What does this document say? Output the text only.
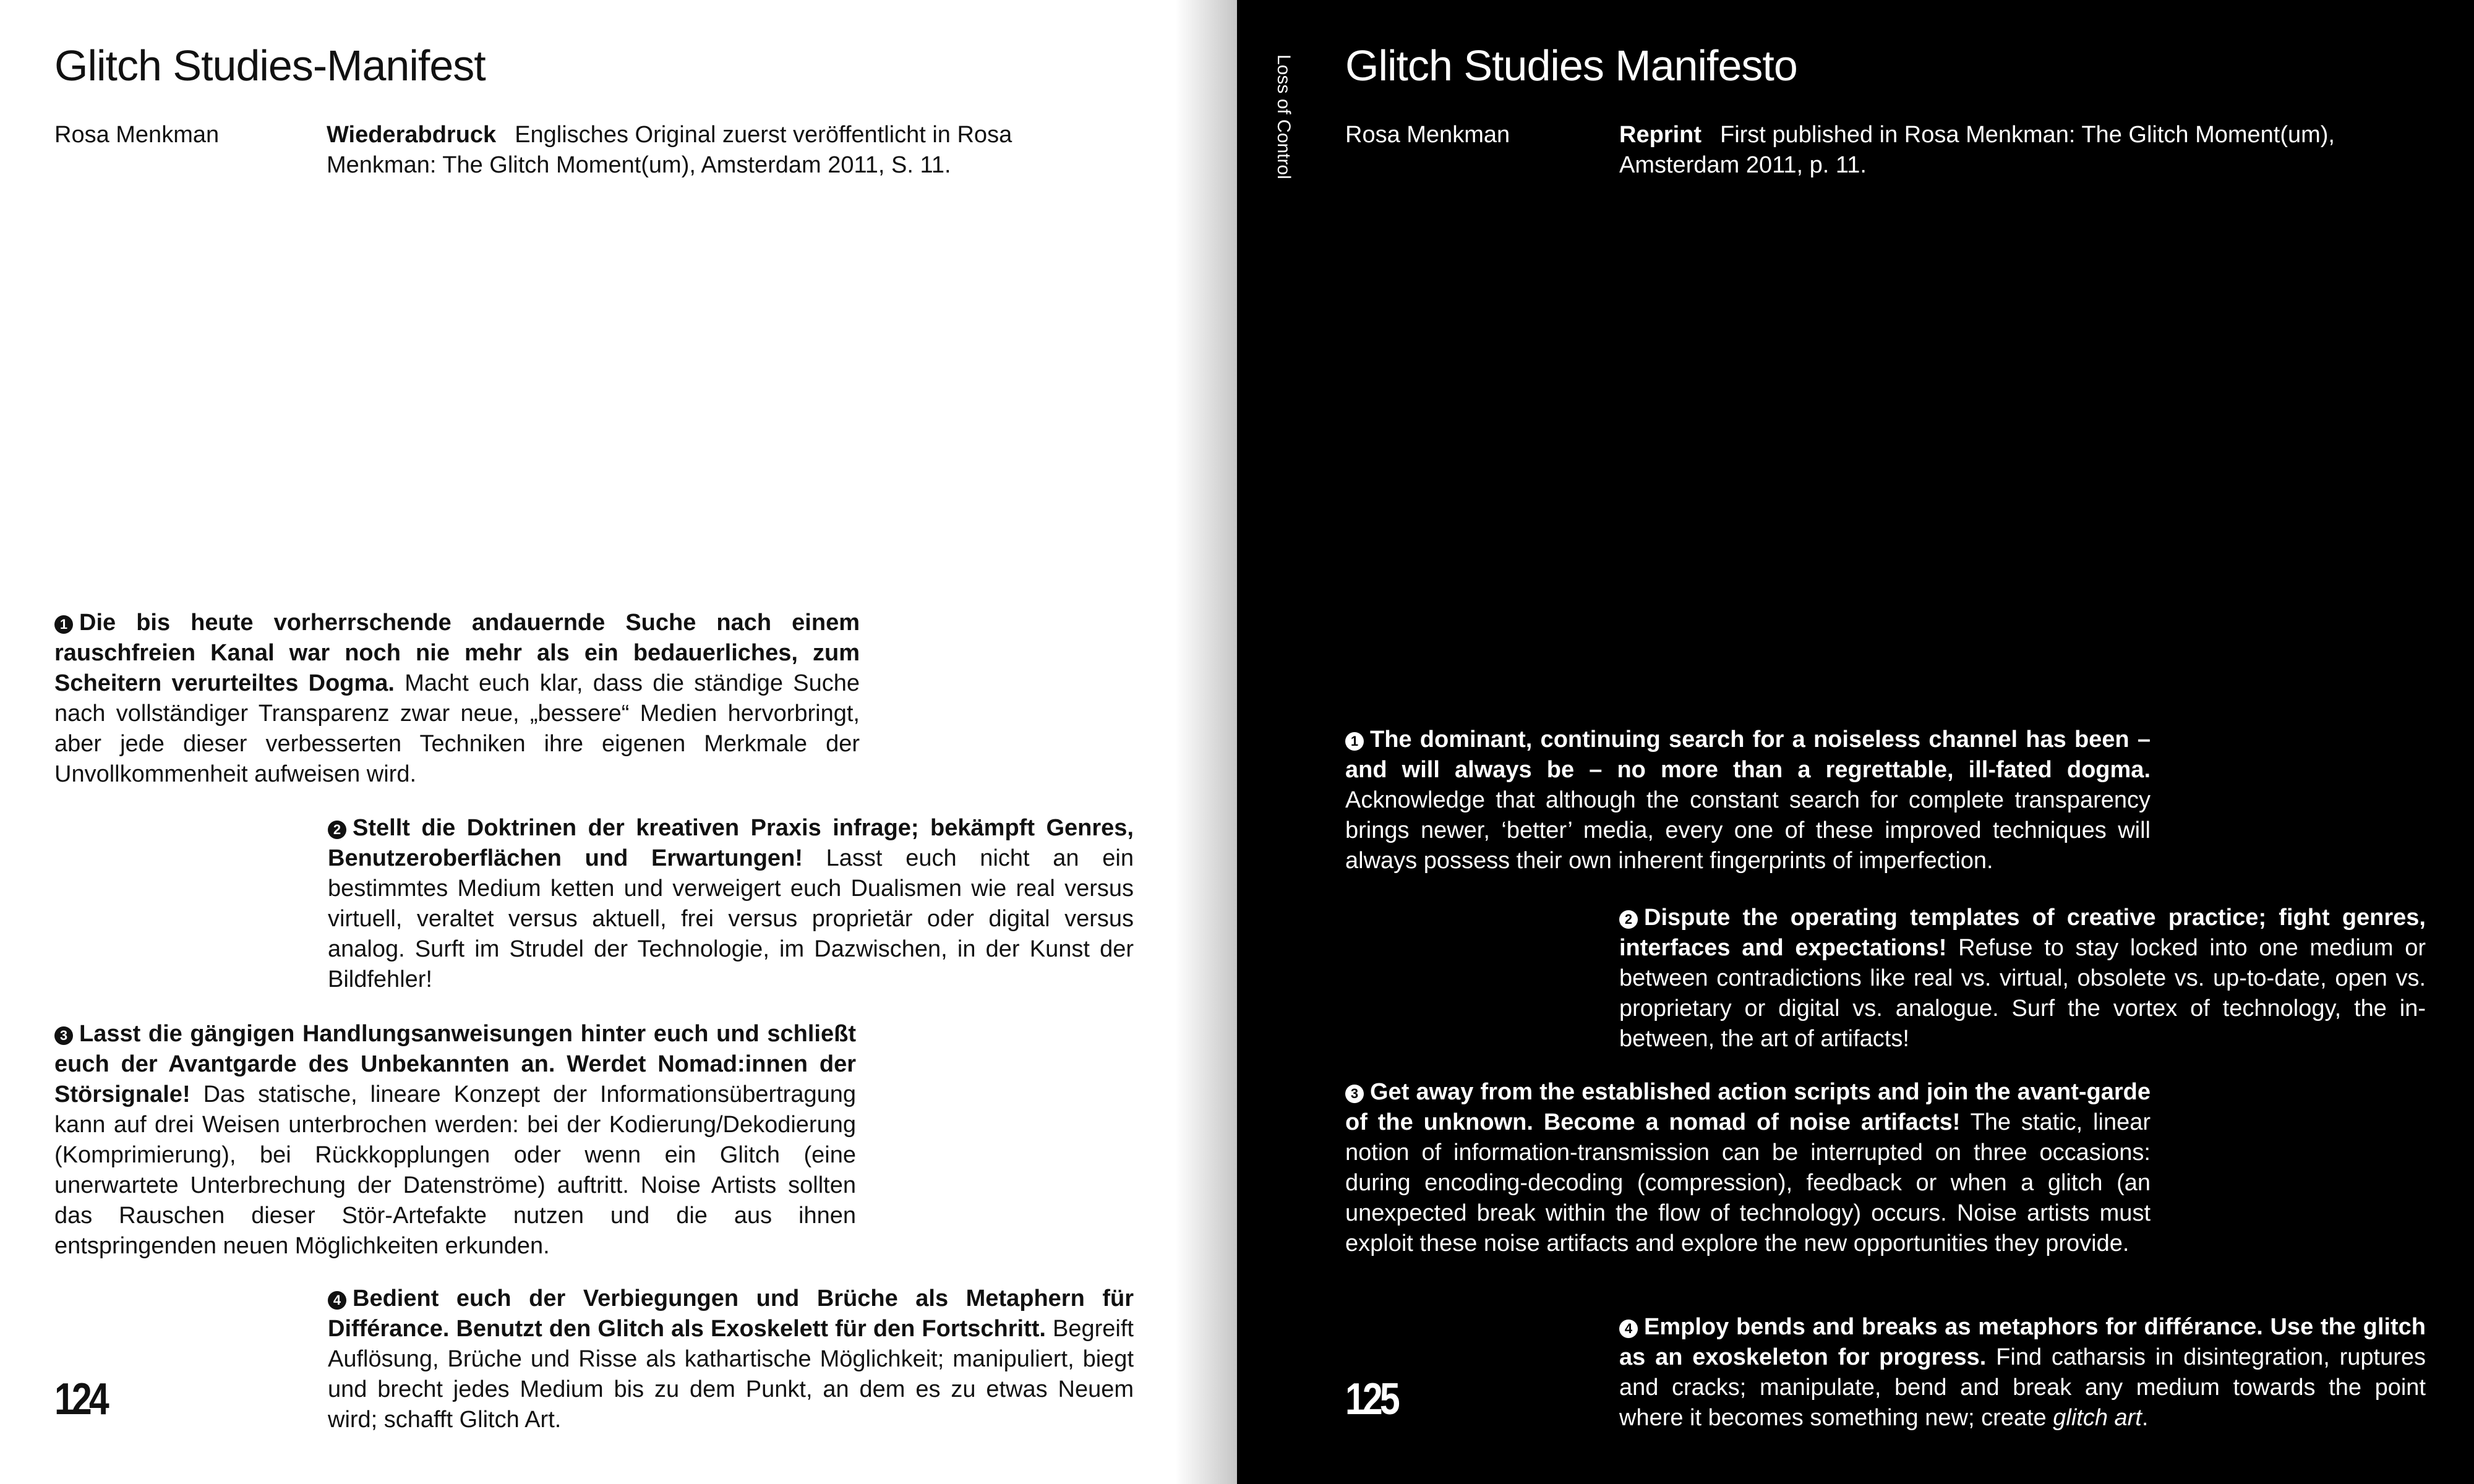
Glitch Studies-Manifest
Rosa Menkman	Wiederabdruck Englisches Original zuerst veröffentlicht in Rosa Menkman: The Glitch Moment(um), Amsterdam 2011, S. 11.

1 Die bis heute vorherrschende andauernde Suche nach einem rauschfreien Kanal war noch nie mehr als ein bedauerliches, zum Scheitern verurteiltes Dogma. Macht euch klar, dass die ständige Suche nach vollständiger Transparenz zwar neue, „bessere“ Medien hervorbringt, aber jede dieser verbesserten Techniken ihre eigenen Merkmale der Unvollkommenheit aufweisen wird.

2 Stellt die Doktrinen der kreativen Praxis infrage; bekämpft Genres, Benutzeroberflächen und Erwartungen! Lasst euch nicht an ein bestimmtes Medium ketten und verweigert euch Dualismen wie real versus virtuell, veraltet versus aktuell, frei versus proprietär oder digital versus analog. Surft im Strudel der Technologie, im Dazwischen, in der Kunst der Bildfehler!

3 Lasst die gängigen Handlungsanweisungen hinter euch und schließt euch der Avantgarde des Unbekannten an. Werdet Nomad:innen der Störsignale! Das statische, lineare Konzept der Informationsübertragung kann auf drei Weisen unterbrochen werden: bei der Kodierung/Dekodierung (Komprimierung), bei Rückkopplungen oder wenn ein Glitch (eine unerwartete Unterbrechung der Datenströme) auftritt. Noise Artists sollten das Rauschen dieser Stör-Artefakte nutzen und die aus ihnen entspringenden neuen Möglichkeiten erkunden.

4 Bedient euch der Verbiegungen und Brüche als Metaphern für Différance. Benutzt den Glitch als Exoskelett für den Fortschritt. Begreift Auflösung, Brüche und Risse als kathartische Möglichkeit; manipuliert, biegt und brecht jedes Medium bis zu dem Punkt, an dem es zu etwas Neuem wird; schafft Glitch Art.

124
Loss of Control Glitch Studies Manifesto
Rosa Menkman	Reprint First published in Rosa Menkman: The Glitch Moment(um), Amsterdam 2011, p. 11.

1 The dominant, continuing search for a noiseless channel has been – and will always be – no more than a regrettable, ill-fated dogma. Acknowledge that although the constant search for complete transparency brings newer, ‘better’ media, every one of these improved techniques will always possess their own inherent fingerprints of imperfection.

2 Dispute the operating templates of creative practice; fight genres, interfaces and expectations! Refuse to stay locked into one medium or between contradictions like real vs. virtual, obsolete vs. up-to-date, open vs. proprietary or digital vs. analogue. Surf the vortex of technology, the in-between, the art of artifacts!

3 Get away from the established action scripts and join the avant-garde of the unknown. Become a nomad of noise artifacts! The static, linear notion of information-transmission can be interrupted on three occasions: during encoding-decoding (compression), feedback or when a glitch (an unexpected break within the flow of technology) occurs. Noise artists must exploit these noise artifacts and explore the new opportunities they provide.

4 Employ bends and breaks as metaphors for différance. Use the glitch as an exoskeleton for progress. Find catharsis in disintegration, ruptures and cracks; manipulate, bend and break any medium towards the point where it becomes something new; create glitch art.

125
